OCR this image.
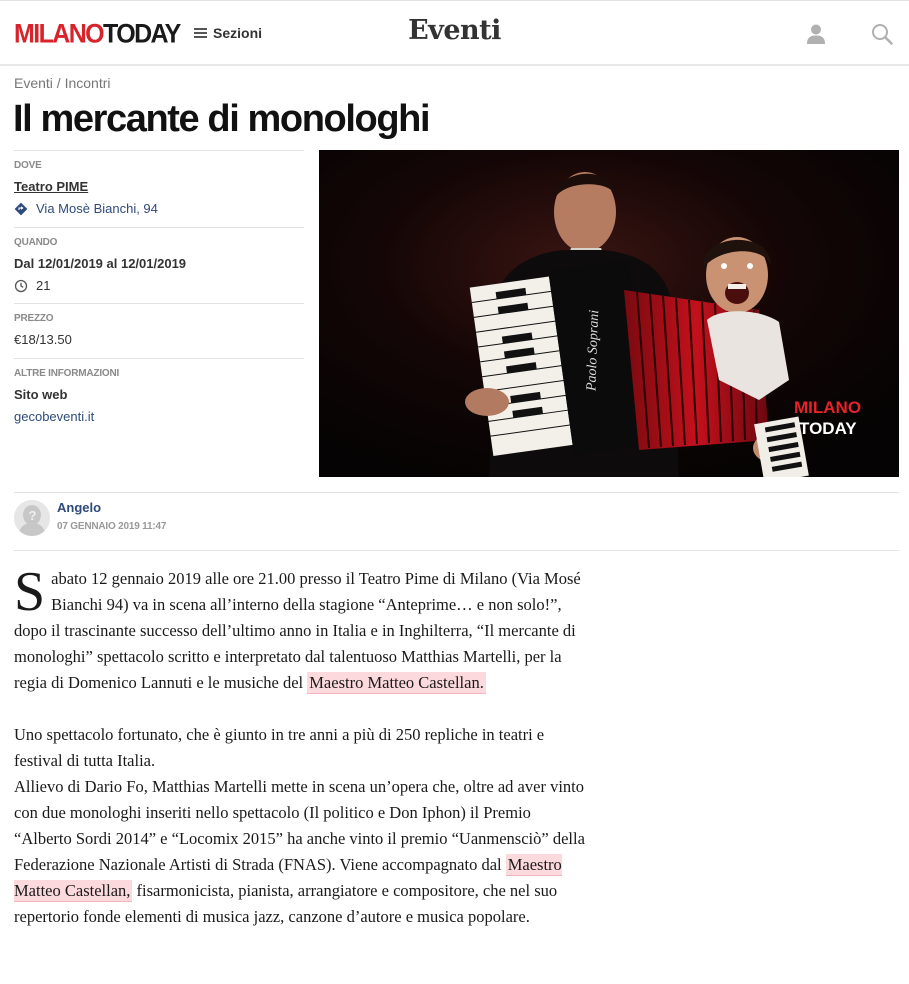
MILANOTODAY Sezioni	Eventi
Eventi / Incontri
Il mercante di monologhi
DOVE
Teatro PIME
Via Mosè Bianchi, 94
QUANDO
Dal 12/01/2019 al 12/01/2019
21
PREZZO
€18/13.50
ALTRE INFORMAZIONI
Sito web
gecobeventi.it
Paolo Soprani
MILANO
TODAY
?
Angelo
07 GENNAIO 2019 11:47

Sabato 12 gennaio 2019 alle ore 21.00 presso il Teatro Pime di Milano (Via Mosé Bianchi 94) va in scena all’interno della stagione “Anteprime… e non solo!”, dopo il trascinante successo dell’ultimo anno in Italia e in Inghilterra, “Il mercante di monologhi” spettacolo scritto e interpretato dal talentuoso Matthias Martelli, per la regia di Domenico Lannuti e le musiche del Maestro Matteo Castellan.

Uno spettacolo fortunato, che è giunto in tre anni a più di 250 repliche in teatri e festival di tutta Italia.
Allievo di Dario Fo, Matthias Martelli mette in scena un’opera che, oltre ad aver vinto con due monologhi inseriti nello spettacolo (Il politico e Don Iphon) il Premio “Alberto Sordi 2014” e “Locomix 2015” ha anche vinto il premio “Uanmensciò” della Federazione Nazionale Artisti di Strada (FNAS). Viene accompagnato dal Maestro Matteo Castellan, fisarmonicista, pianista, arrangiatore e compositore, che nel suo repertorio fonde elementi di musica jazz, canzone d’autore e musica popolare.
